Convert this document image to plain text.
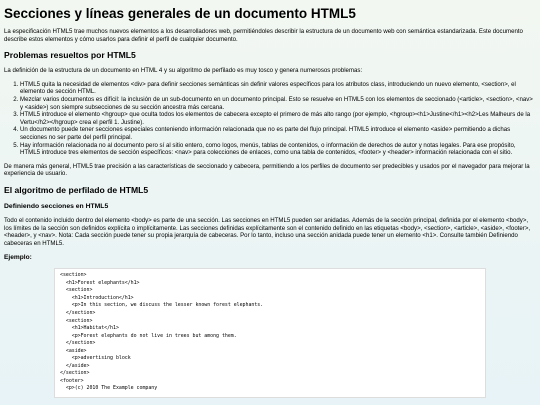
Secciones y líneas generales de un documento HTML5

La especificación HTML5 trae muchos nuevos elementos a los desarrolladores web, permitiéndoles describir la estructura de un documento web con semántica estandarizada. Este documento describe estos elementos y cómo usarlos para definir el perfil de cualquier documento.

Problemas resueltos por HTML5

La definición de la estructura de un documento en HTML 4 y su algoritmo de perfilado es muy tosco y genera numerosos problemas:

1. HTML5 quita la necesidad de elementos <div> para definir secciones semánticas sin definir valores específicos para los atributos class, introduciendo un nuevo elemento, <section>, el elemento de sección HTML.
2. Mezclar varios documentos es difícil: la inclusión de un sub-documento en un documento principal. Esto se resuelve en HTML5 con los elementos de seccionado (<article>, <section>, <nav> y <aside>) son siempre subsecciones de su sección ancestra más cercana.
3. HTML5 introduce el elemento <hgroup> que oculta todos los elementos de cabecera excepto el primero de más alto rango (por ejemplo, <hgroup><h1>Justine</h1><h2>Les Malheurs de la Vertu</h2></hgroup> crea el perfil 1. Justine).
4. Un documento puede tener secciones especiales conteniendo información relacionada que no es parte del flujo principal. HTML5 introduce el elemento <aside> permitiendo a dichas secciones no ser parte del perfil principal.
5. Hay información relacionada no al documento pero sí al sitio entero, como logos, menús, tablas de contenidos, o información de derechos de autor y notas legales. Para ese propósito, HTML5 introduce tres elementos de sección específicos: <nav> para colecciones de enlaces, como una tabla de contenidos, <footer> y <header> información relacionada con el sitio.

De manera más general, HTML5 trae precisión a las características de seccionado y cabecera, permitiendo a los perfiles de documento ser predecibles y usados por el navegador para mejorar la experiencia de usuario.

El algoritmo de perfilado de HTML5
Definiendo secciones en HTML5

Todo el contenido incluido dentro del elemento <body> es parte de una sección. Las secciones en HTML5 pueden ser anidadas. Además de la sección principal, definida por el elemento <body>, los límites de la sección son definidos explícita o implícitamente. Las secciones definidas explícitamente son el contenido definido en las etiquetas <body>, <section>, <article>, <aside>, <footer>, <header>, y <nav>. Nota: Cada sección puede tener su propia jerarquía de cabeceras. Por lo tanto, incluso una sección anidada puede tener un elemento <h1>. Consulte también Definiendo cabeceras en HTML5.

Ejemplo:
<section>
<h1>Forest elephants</h1>
<section>
<h1>Introduction</h1>
<p>In this section, we discuss the lesser known forest elephants.
</section>
<section>
<h1>Habitat</h1>
<p>Forest elephants do not live in trees but among them.
</section>
<aside>
<p>advertising block
</aside>
</section>
<footer>
<p>(c) 2010 The Example company
